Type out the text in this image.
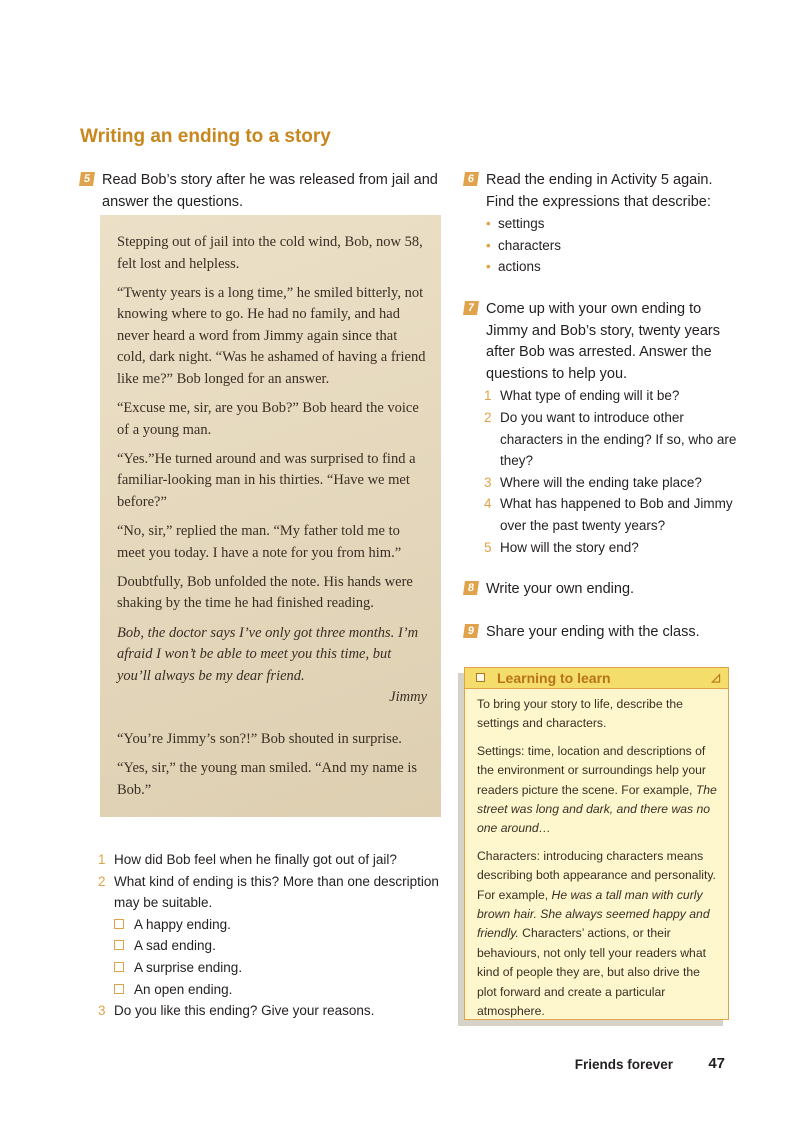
Writing an ending to a story
5 Read Bob’s story after he was released from jail and answer the questions.

Stepping out of jail into the cold wind, Bob, now 58, felt lost and helpless.

“Twenty years is a long time,” he smiled bitterly, not knowing where to go. He had no family, and had never heard a word from Jimmy again since that cold, dark night. “Was he ashamed of having a friend like me?” Bob longed for an answer.

“Excuse me, sir, are you Bob?” Bob heard the voice of a young man.

“Yes.”He turned around and was surprised to find a familiar-looking man in his thirties. “Have we met before?”

“No, sir,” replied the man. “My father told me to meet you today. I have a note for you from him.”

Doubtfully, Bob unfolded the note. His hands were shaking by the time he had finished reading.

Bob, the doctor says I’ve only got three months. I’m afraid I won’t be able to meet you this time, but you’ll always be my dear friend.

Jimmy

“You’re Jimmy’s son?!” Bob shouted in surprise.

“Yes, sir,” the young man smiled. “And my name is Bob.”

1 How did Bob feel when he finally got out of jail?
2 What kind of ending is this? More than one description may be suitable.
A happy ending.
A sad ending.
A surprise ending.
An open ending.
3 Do you like this ending? Give your reasons.
6 Read the ending in Activity 5 again. Find the expressions that describe:
• settings
• characters
• actions
7 Come up with your own ending to Jimmy and Bob’s story, twenty years after Bob was arrested. Answer the questions to help you.
1 What type of ending will it be?
2 Do you want to introduce other characters in the ending? If so, who are they?
3 Where will the ending take place?
4 What has happened to Bob and Jimmy over the past twenty years?
5 How will the story end?
8 Write your own ending.
9 Share your ending with the class.
Learning to learn	◿

To bring your story to life, describe the settings and characters.

Settings: time, location and descriptions of the environment or surroundings help your readers picture the scene. For example, The street was long and dark, and there was no one around…

Characters: introducing characters means describing both appearance and personality. For example, He was a tall man with curly brown hair. She always seemed happy and friendly. Characters’ actions, or their behaviours, not only tell your readers what kind of people they are, but also drive the plot forward and create a particular atmosphere.

Friends forever 47
